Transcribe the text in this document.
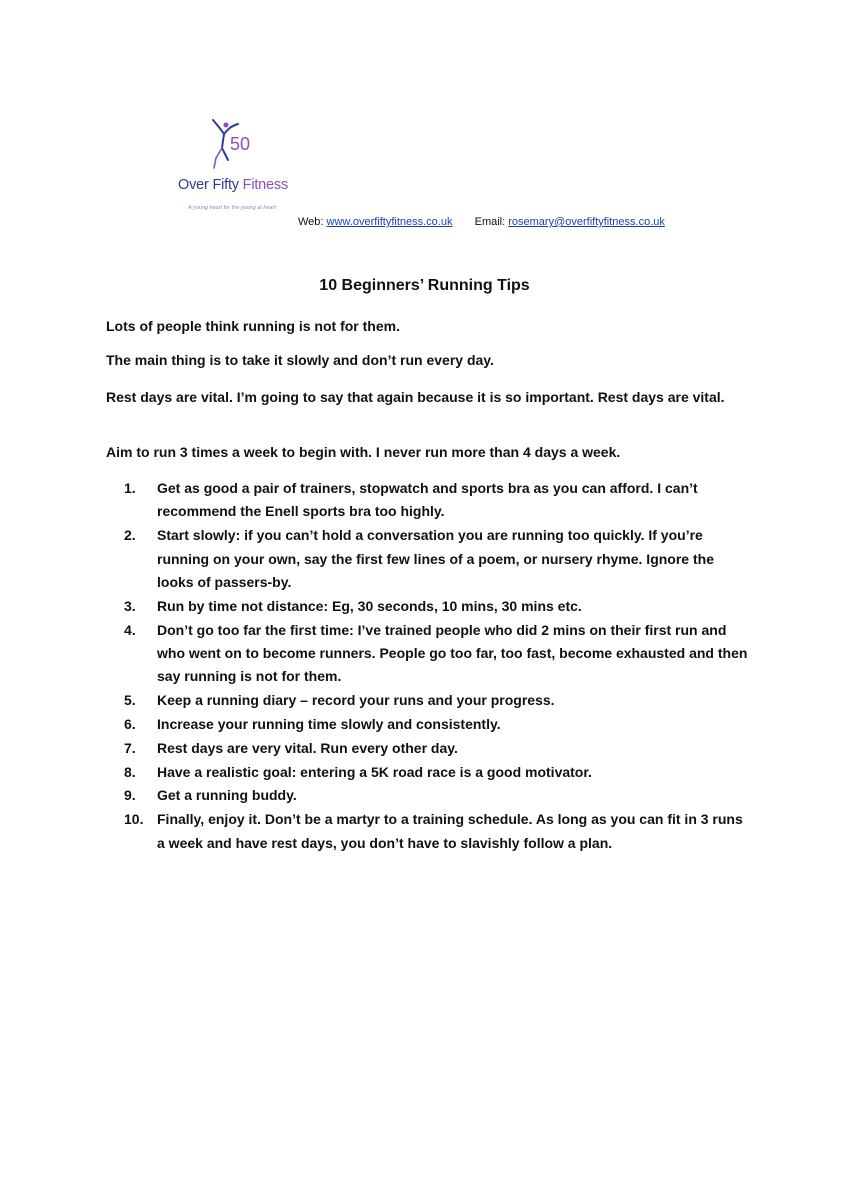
50
Over Fifty Fitness
A young heart for the young at heart
Web: www.overfiftyfitness.co.uk Email: rosemary@overfiftyfitness.co.uk
10 Beginners’ Running Tips
Lots of people think running is not for them.
The main thing is to take it slowly and don’t run every day.
Rest days are vital. I’m going to say that again because it is so important. Rest days are vital.
Aim to run 3 times a week to begin with. I never run more than 4 days a week.
1.	Get as good a pair of trainers, stopwatch and sports bra as you can afford. I can’t recommend the Enell sports bra too highly.
2.	Start slowly: if you can’t hold a conversation you are running too quickly. If you’re running on your own, say the first few lines of a poem, or nursery rhyme. Ignore the looks of passers-by.
3.	Run by time not distance: Eg, 30 seconds, 10 mins, 30 mins etc.
4.	Don’t go too far the first time: I’ve trained people who did 2 mins on their first run and who went on to become runners. People go too far, too fast, become exhausted and then say running is not for them.
5.	Keep a running diary – record your runs and your progress.
6.	Increase your running time slowly and consistently.
7.	Rest days are very vital. Run every other day.
8.	Have a realistic goal: entering a 5K road race is a good motivator.
9.	Get a running buddy.
10. Finally, enjoy it. Don’t be a martyr to a training schedule. As long as you can fit in 3 runs a week and have rest days, you don’t have to slavishly follow a plan.
